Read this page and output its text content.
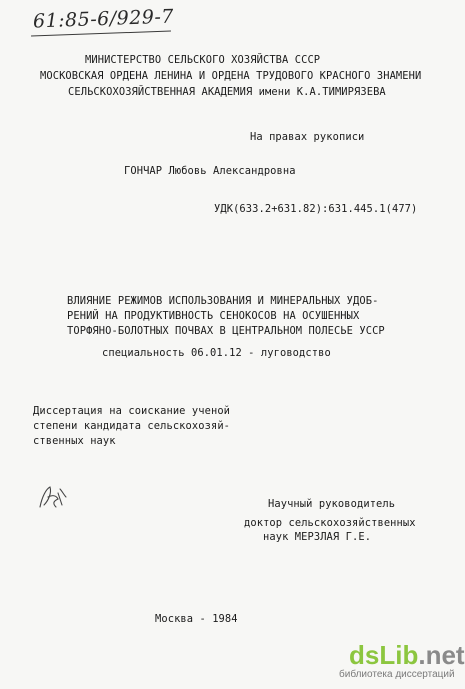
61:85-6/929-7
МИНИСТЕРСТВО СЕЛЬСКОГО ХОЗЯЙСТВА СССР
МОСКОВСКАЯ ОРДЕНА ЛЕНИНА И ОРДЕНА ТРУДОВОГО КРАСНОГО ЗНАМЕНИ
СЕЛЬСКОХОЗЯЙСТВЕННАЯ АКАДЕМИЯ имени К.А.ТИМИРЯЗЕВА
На правах рукописи
ГОНЧАР Любовь Александровна
УДК(633.2+631.82):631.445.1(477)
ВЛИЯНИЕ РЕЖИМОВ ИСПОЛЬЗОВАНИЯ И МИНЕРАЛЬНЫХ УДОБ-
РЕНИЙ НА ПРОДУКТИВНОСТЬ СЕНОКОСОВ НА ОСУШЕННЫХ
ТОРФЯНО-БОЛОТНЫХ ПОЧВАХ В ЦЕНТРАЛЬНОМ ПОЛЕСЬЕ УССР
специальность 06.01.12 - луговодство
Диссертация на соискание ученой
степени кандидата сельскохозяй-
ственных наук
Научный руководитель
доктор сельскохозяйственных
наук МЕРЗЛАЯ Г.Е.
Москва - 1984
dsLib.net
библиотека диссертаций
